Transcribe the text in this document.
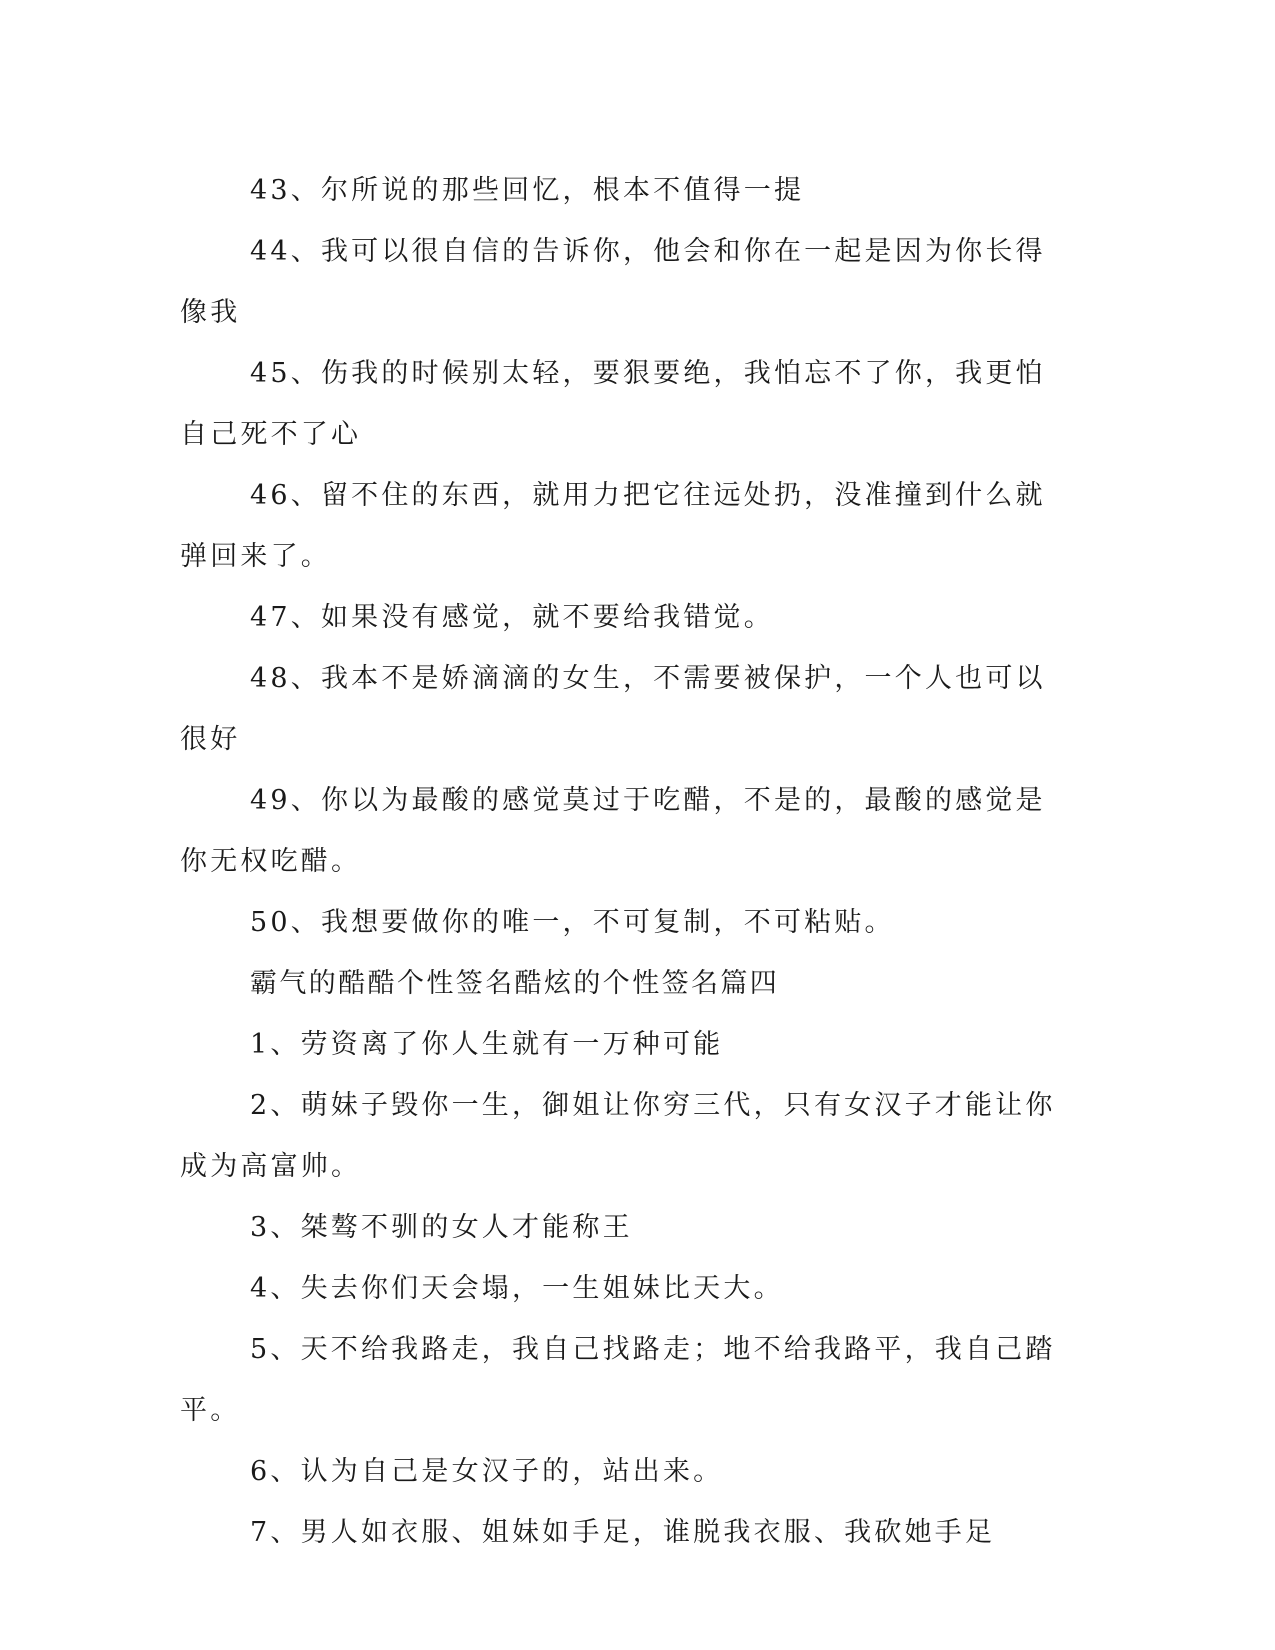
43、尔所说的那些回忆，根本不值得一提

44、我可以很自信的告诉你，他会和你在一起是因为你长得像我

45、伤我的时候别太轻，要狠要绝，我怕忘不了你，我更怕自己死不了心

46、留不住的东西，就用力把它往远处扔，没准撞到什么就弹回来了。

47、如果没有感觉，就不要给我错觉。

48、我本不是娇滴滴的女生，不需要被保护，一个人也可以很好

49、你以为最酸的感觉莫过于吃醋，不是的，最酸的感觉是你无权吃醋。

50、我想要做你的唯一，不可复制，不可粘贴。

霸气的酷酷个性签名酷炫的个性签名篇四

1、劳资离了你人生就有一万种可能

2、萌妹子毁你一生，御姐让你穷三代，只有女汉子才能让你成为高富帅。

3、桀骜不驯的女人才能称王

4、失去你们天会塌，一生姐妹比天大。

5、天不给我路走，我自己找路走；地不给我路平，我自己踏平。

6、认为自己是女汉子的，站出来。

7、男人如衣服、姐妹如手足，谁脱我衣服、我砍她手足
